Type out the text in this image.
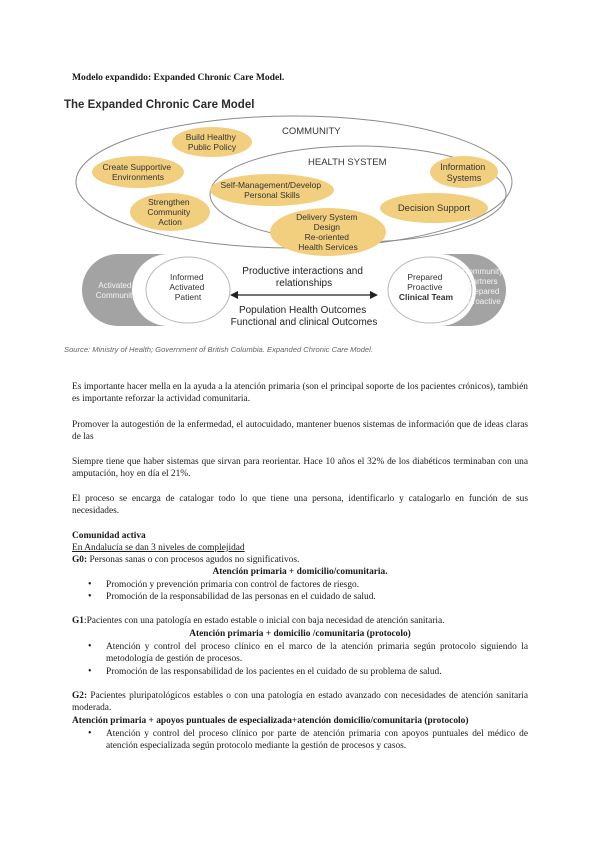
Modelo expandido: Expanded Chronic Care Model.
The Expanded Chronic Care Model
COMMUNITY
HEALTH SYSTEM
Build Healthy Public Policy
Create Supportive Environments
Strengthen Community Action
Self-Management/Develop Personal Skills
Delivery System Design Re-oriented Health Services
Information Systems
Decision Support
Activated Community
Informed Activated Patient
Prepared Proactive Clinical Team
Community partners Prepared Proactive
Productive interactions and relationships
Population Health Outcomes Functional and clinical Outcomes
Source: Ministry of Health; Government of British Columbia. Expanded Chronic Care Model.

Es importante hacer mella en la ayuda a la atención primaria (son el principal soporte de los pacientes crónicos), también es importante reforzar la actividad comunitaria.

Promover la autogestión de la enfermedad, el autocuidado, mantener buenos sistemas de información que de ideas claras de las

Siempre tiene que haber sistemas que sirvan para reorientar. Hace 10 años el 32% de los diabéticos terminaban con una amputación, hoy en día el 21%.

El proceso se encarga de catalogar todo lo que tiene una persona, identificarlo y catalogarlo en función de sus necesidades.

Comunidad activa

En Andalucía se dan 3 niveles de complejidad

G0: Personas sanas o con procesos agudos no significativos.

Atención primaria + domicilio/comunitaria.

• Promoción y prevención primaria con control de factores de riesgo.
• Promoción de la responsabilidad de las personas en el cuidado de salud.

G1:Pacientes con una patología en estado estable o inicial con baja necesidad de atención sanitaria.

Atención primaria + domicilio /comunitaria (protocolo)

• Atención y control del proceso clínico en el marco de la atención primaria según protocolo siguiendo la metodología de gestión de procesos.
• Promoción de las responsabilidad de los pacientes en el cuidado de su problema de salud.

G2: Pacientes pluripatológicos estables o con una patología en estado avanzado con necesidades de atención sanitaria moderada.

Atención primaria + apoyos puntuales de especializada+atención domicilio/comunitaria (protocolo)

• Atención y control del proceso clínico por parte de atención primaria con apoyos puntuales del médico de atención especializada según protocolo mediante la gestión de procesos y casos.
